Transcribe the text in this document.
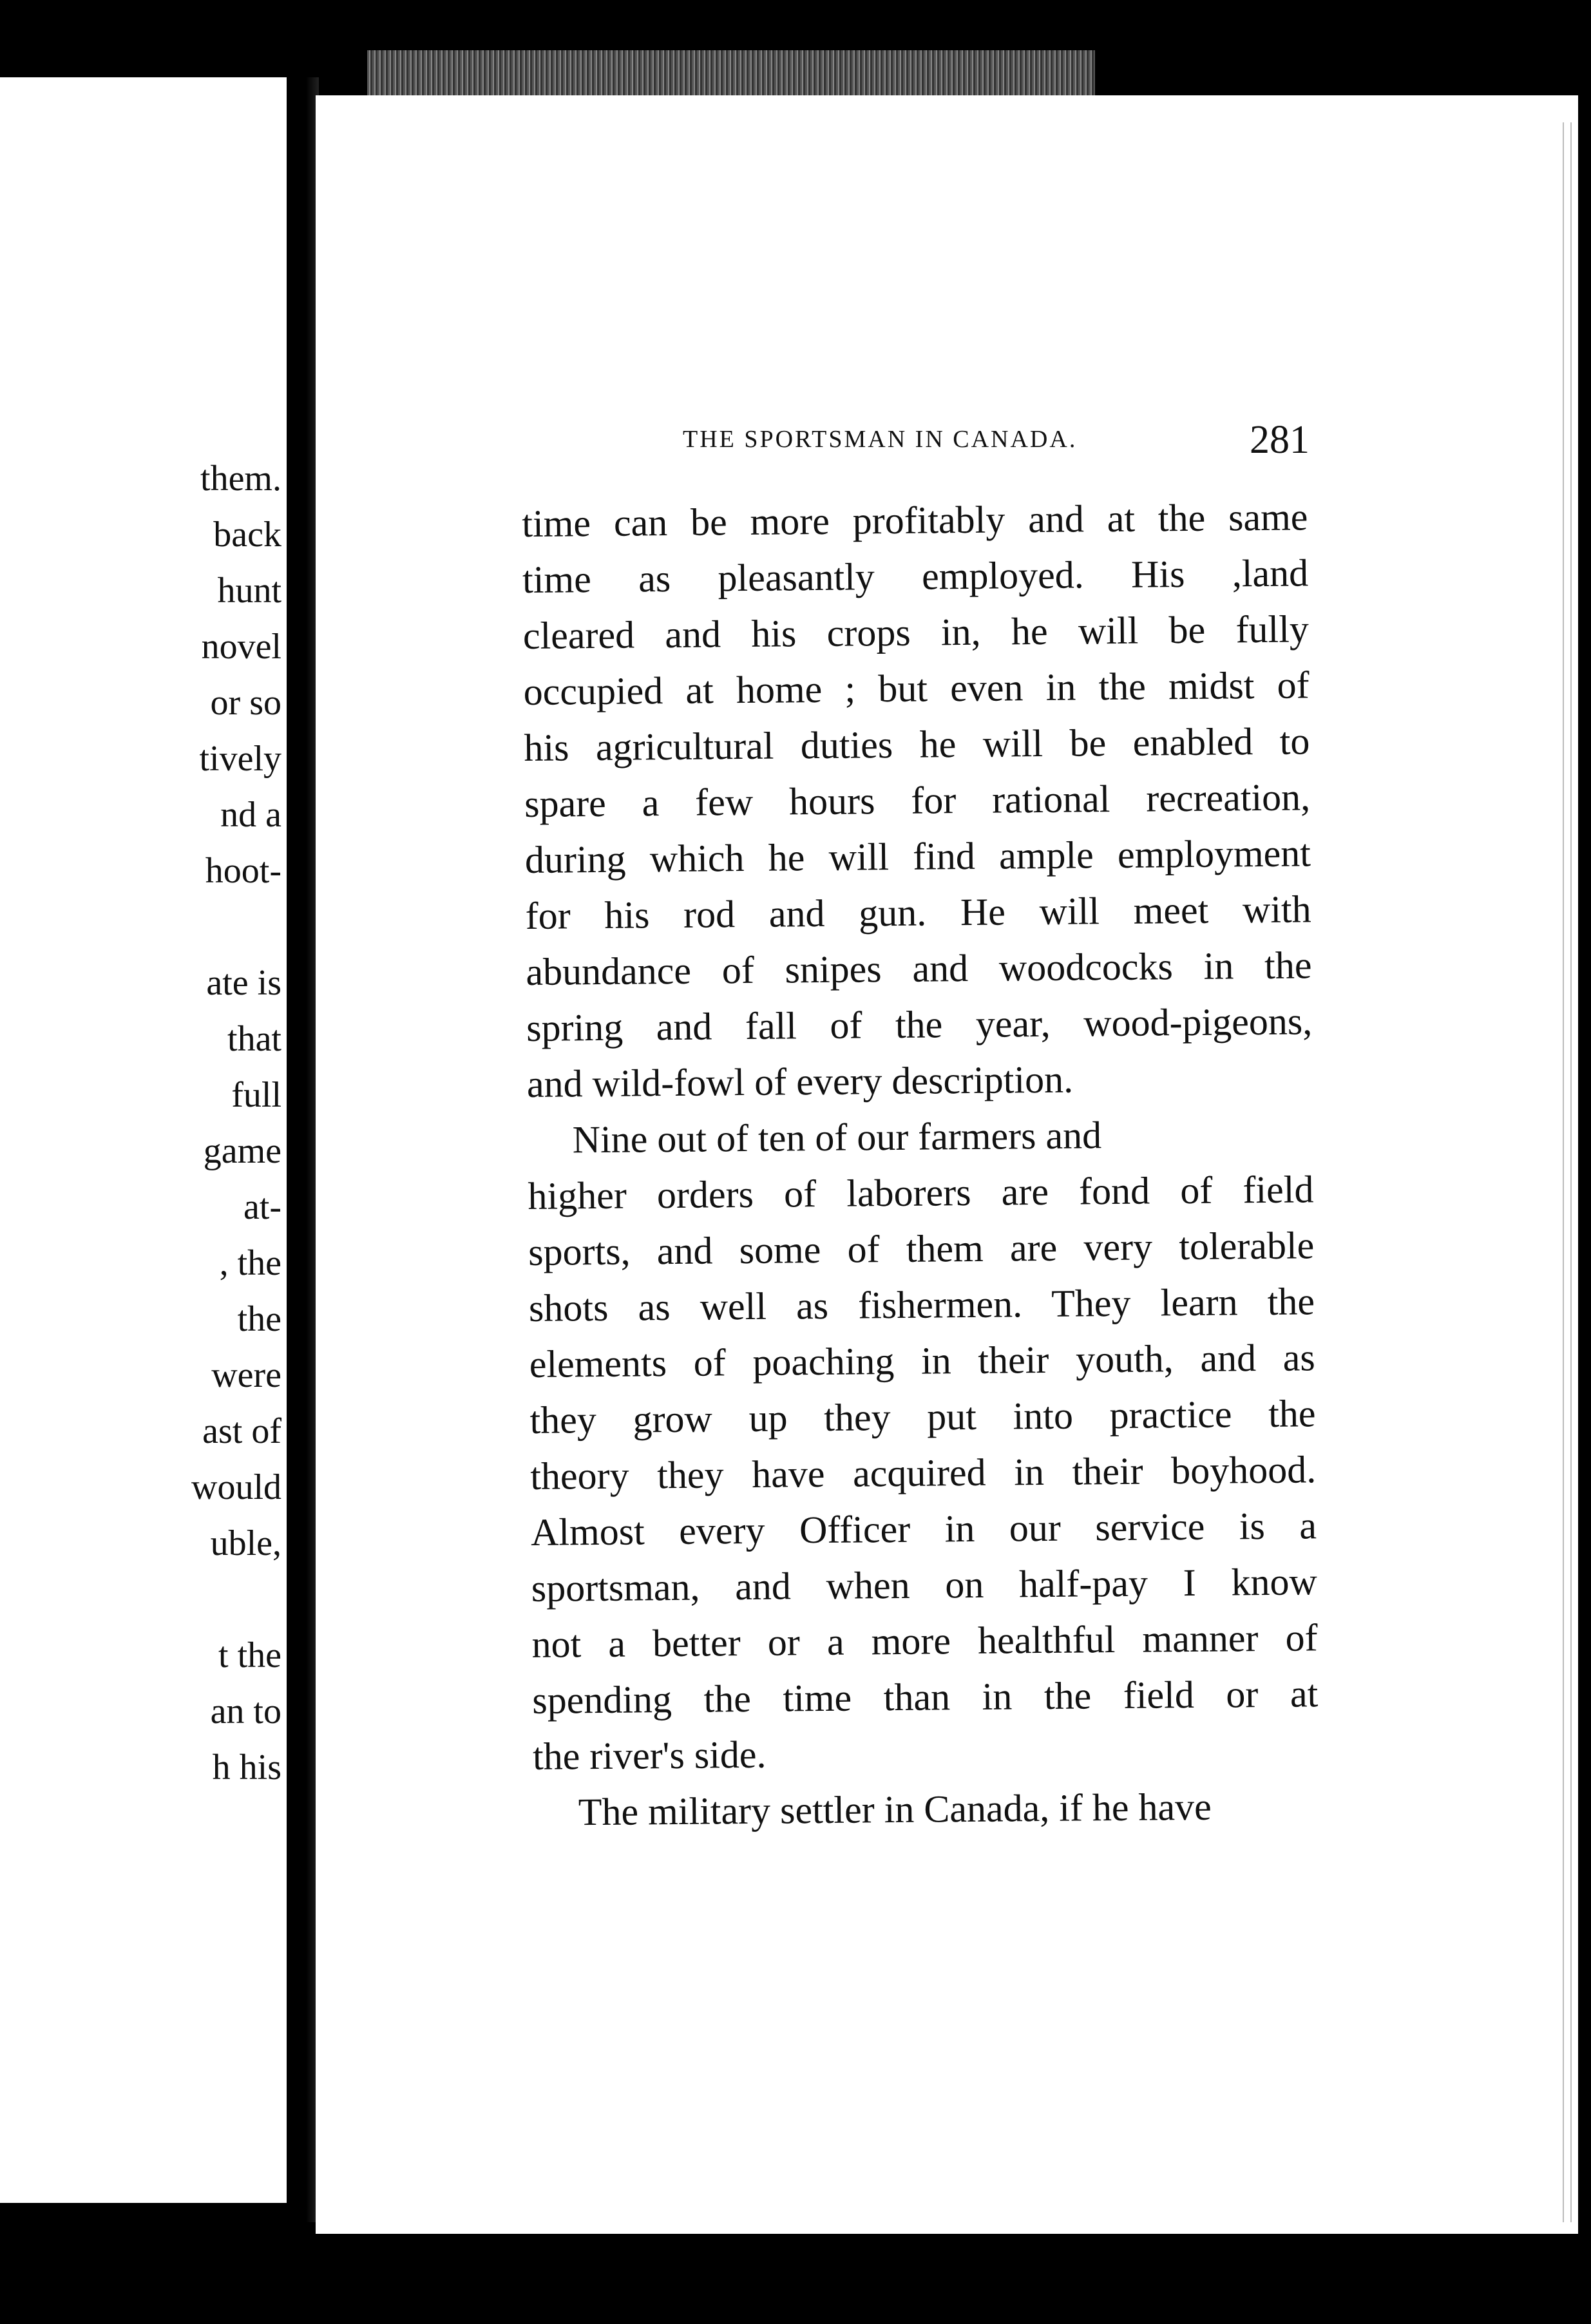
them.
back
hunt
novel
or so
tively
nd a
hoot-
ate is
that
full
game
at-
, the
the
were
ast of
would
uble,
t the
an to
h his
THE SPORTSMAN IN CANADA.	281
time can be more profitably and at the same
time as pleasantly employed. His ,land
cleared and his crops in, he will be fully
occupied at home ; but even in the midst of
his agricultural duties he will be enabled to
spare a few hours for rational recreation,
during which he will find ample employment
for his rod and gun. He will meet with
abundance of snipes and woodcocks in the
spring and fall of the year, wood-pigeons,
and wild-fowl of every description.
Nine out of ten of our farmers and
higher orders of laborers are fond of field
sports, and some of them are very tolerable
shots as well as fishermen. They learn the
elements of poaching in their youth, and as
they grow up they put into practice the
theory they have acquired in their boyhood.
Almost every Officer in our service is a
sportsman, and when on half-pay I know
not a better or a more healthful manner of
spending the time than in the field or at
the river's side.
The military settler in Canada, if he have
